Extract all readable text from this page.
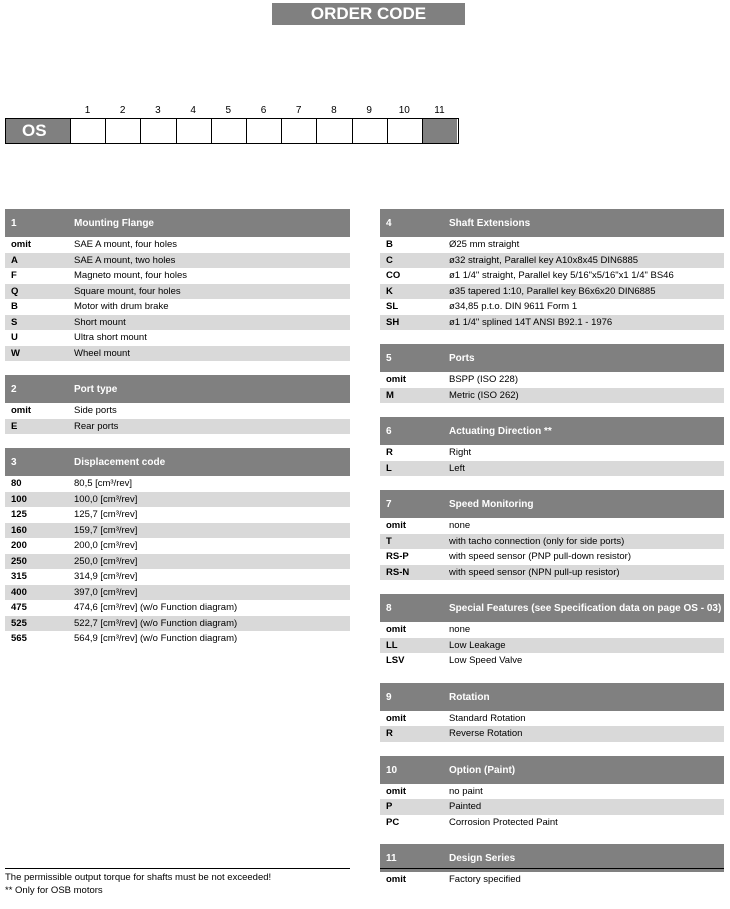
ORDER CODE
1	2	3	4	5	6	7	8	9	10	11
OS
1	Mounting Flange
omit	SAE A mount, four holes
A	SAE A mount, two holes
F	Magneto mount, four holes
Q	Square mount, four holes
B	Motor with drum brake
S	Short mount
U	Ultra short mount
W	Wheel mount
2	Port type
omit	Side ports
E	Rear ports
3	Displacement code
80	80,5 [cm³/rev]
100	100,0 [cm³/rev]
125	125,7 [cm³/rev]
160	159,7 [cm³/rev]
200	200,0 [cm³/rev]
250	250,0 [cm³/rev]
315	314,9 [cm³/rev]
400	397,0 [cm³/rev]
475	474,6 [cm³/rev] (w/o Function diagram)
525	522,7 [cm³/rev] (w/o Function diagram)
565	564,9 [cm³/rev] (w/o Function diagram)
4	Shaft Extensions
B	Ø25 mm straight
C	ø32 straight, Parallel key A10x8x45 DIN6885
CO	ø1 1/4" straight, Parallel key 5/16"x5/16"x1 1/4" BS46
K	ø35 tapered 1:10, Parallel key B6x6x20 DIN6885
SL	ø34,85 p.t.o. DIN 9611 Form 1
SH	ø1 1/4" splined 14T ANSI B92.1 - 1976
5	Ports
omit	BSPP (ISO 228)
M	Metric (ISO 262)
6	Actuating Direction **
R	Right
L	Left
7	Speed Monitoring
omit	none
T	with tacho connection (only for side ports)
RS-P	with speed sensor (PNP pull-down resistor)
RS-N	with speed sensor (NPN pull-up resistor)
8	Special Features (see Specification data on page OS - 03)
omit	none
LL	Low Leakage
LSV	Low Speed Valve
9	Rotation
omit	Standard Rotation
R	Reverse Rotation
10	Option (Paint)
omit	no paint
P	Painted
PC	Corrosion Protected Paint
11	Design Series
omit	Factory specified
The permissible output torque for shafts must be not exceeded!
** Only for OSB motors
